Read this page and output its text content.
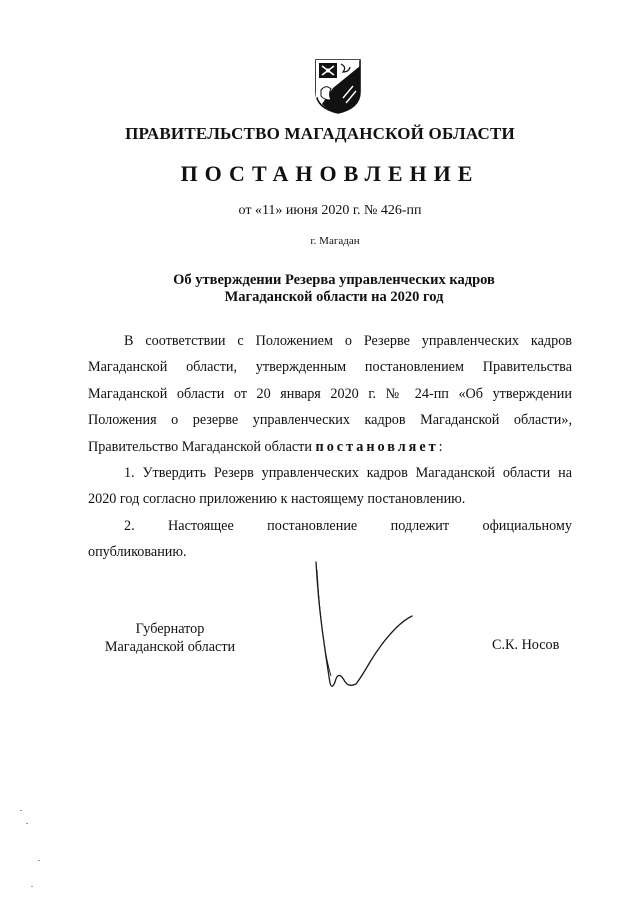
ПРАВИТЕЛЬСТВО МАГАДАНСКОЙ ОБЛАСТИ
ПОСТАНОВЛЕНИЕ
от «11» июня 2020 г. № 426-пп
г. Магадан
Об утверждении Резерва управленческих кадров
Магаданской области на 2020 год

В соответствии с Положением о Резерве управленческих кадров Магаданской области, утвержденным постановлением Правительства Магаданской области от 20 января 2020 г. № 24-пп «Об утверждении Положения о резерве управленческих кадров Магаданской области», Правительство Магаданской области постановляет:

1. Утвердить Резерв управленческих кадров Магаданской области на 2020 год согласно приложению к настоящему постановлению.

2. Настоящее постановление подлежит официальному

опубликованию.

Губернатор
Магаданской области	С.К. Носов
